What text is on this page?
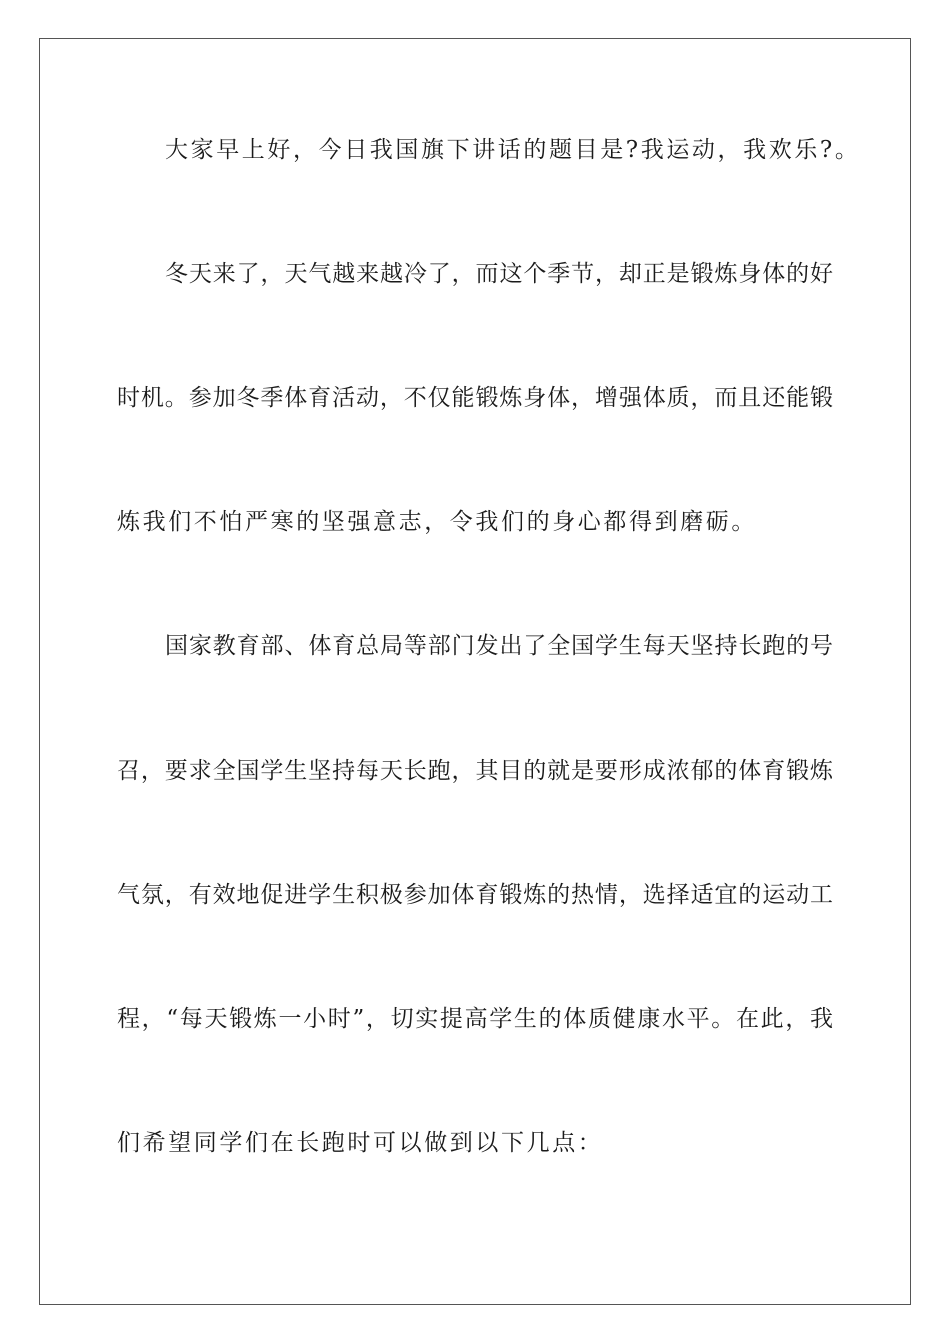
大家早上好，今日我国旗下讲话的题目是?我运动，我欢乐?。
冬天来了，天气越来越冷了，而这个季节，却正是锻炼身体的好
时机。参加冬季体育活动，不仅能锻炼身体，增强体质，而且还能锻
炼我们不怕严寒的坚强意志，令我们的身心都得到磨砺。
国家教育部、体育总局等部门发出了全国学生每天坚持长跑的号
召，要求全国学生坚持每天长跑，其目的就是要形成浓郁的体育锻炼
气氛，有效地促进学生积极参加体育锻炼的热情，选择适宜的运动工
程，“每天锻炼一小时”，切实提高学生的体质健康水平。在此，我
们希望同学们在长跑时可以做到以下几点：
